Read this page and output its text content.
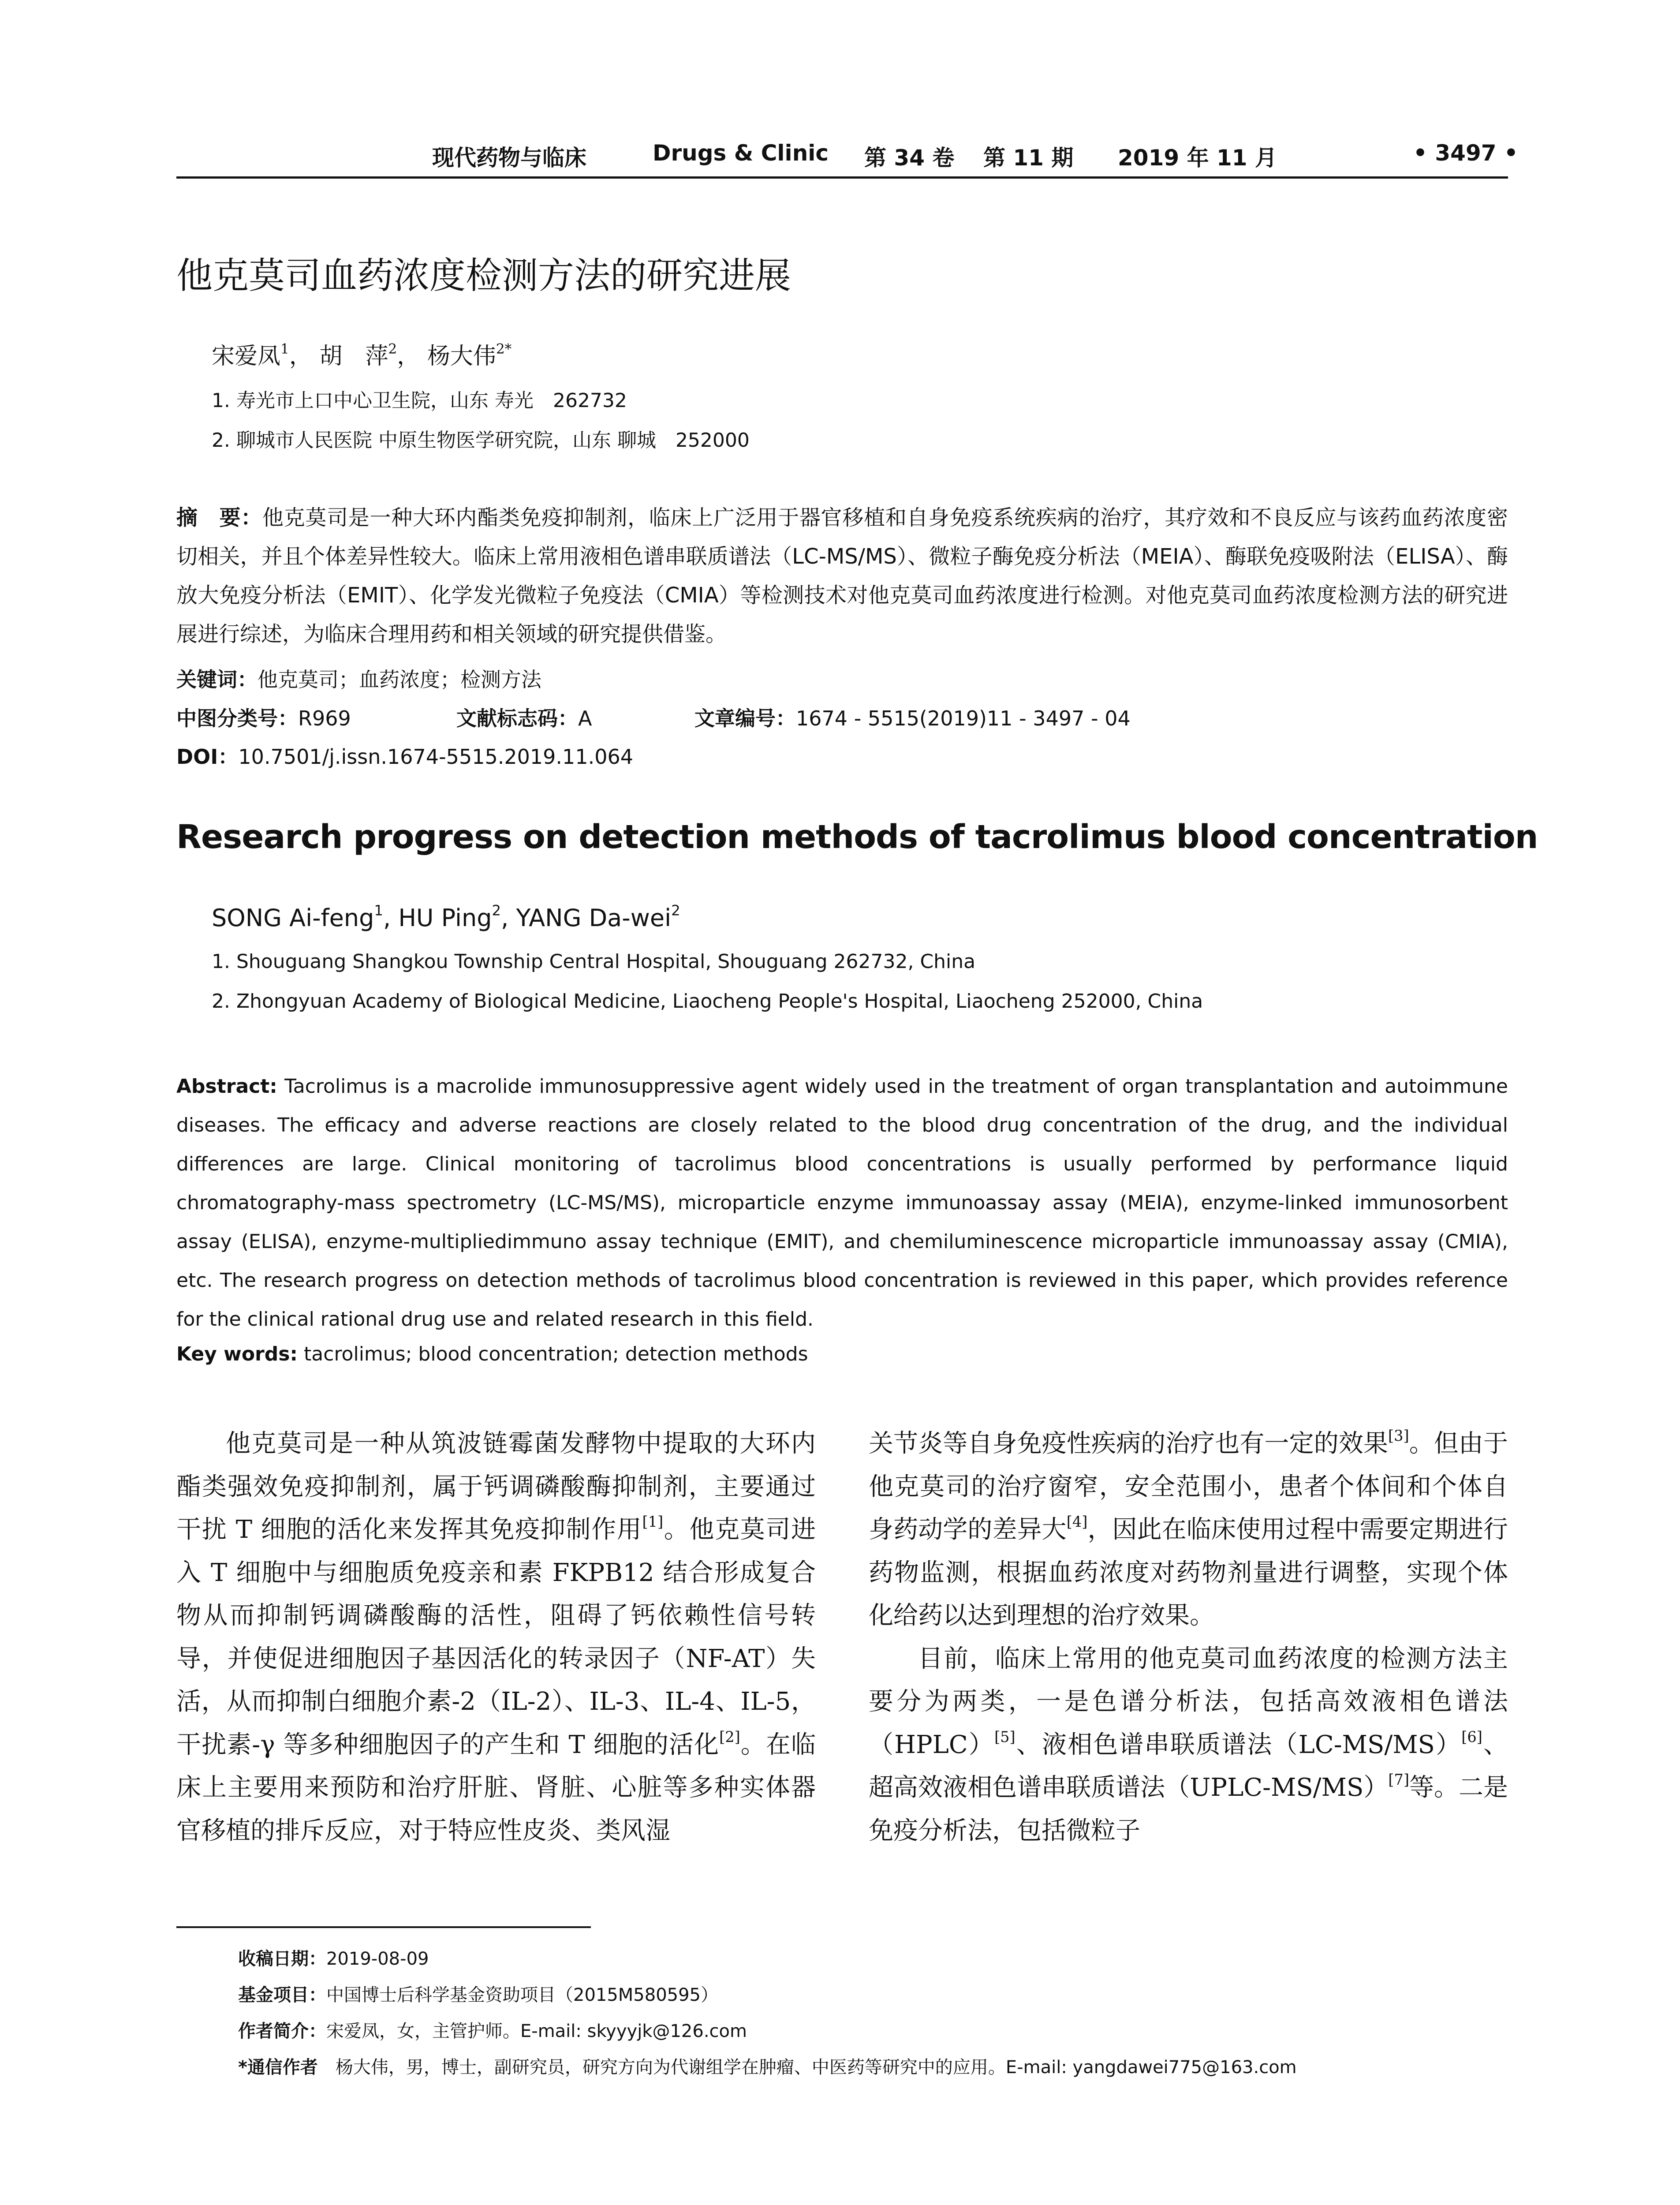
现代药物与临床	Drugs & Clinic 第 34 卷 第 11 期 2019 年 11 月	• 3497 •
他克莫司血药浓度检测方法的研究进展
宋爱凤$^1$， 胡　萍$^2$， 杨大伟$^{2*}$
1. 寿光市上口中心卫生院，山东 寿光　262732
2. 聊城市人民医院 中原生物医学研究院，山东 聊城　252000
摘　要：他克莫司是一种大环内酯类免疫抑制剂，临床上广泛用于器官移植和自身免疫系统疾病的治疗，其疗效和不良反应与该药血药浓度密切相关，并且个体差异性较大。临床上常用液相色谱串联质谱法（LC-MS/MS）、微粒子酶免疫分析法（MEIA）、酶联免疫吸附法（ELISA）、酶放大免疫分析法（EMIT）、化学发光微粒子免疫法（CMIA）等检测技术对他克莫司血药浓度进行检测。对他克莫司血药浓度检测方法的研究进展进行综述，为临床合理用药和相关领域的研究提供借鉴。
关键词：他克莫司；血药浓度；检测方法
中图分类号：R969	文献标志码：A	文章编号：1674 - 5515(2019)11 - 3497 - 04
DOI：10.7501/j.issn.1674-5515.2019.11.064
Research progress on detection methods of tacrolimus blood concentration
SONG Ai-feng$^1$, HU Ping$^2$, YANG Da-wei$^2$
1. Shouguang Shangkou Township Central Hospital, Shouguang 262732, China
2. Zhongyuan Academy of Biological Medicine, Liaocheng People's Hospital, Liaocheng 252000, China
Abstract: Tacrolimus is a macrolide immunosuppressive agent widely used in the treatment of organ transplantation and autoimmune diseases. The efficacy and adverse reactions are closely related to the blood drug concentration of the drug, and the individual differences are large. Clinical monitoring of tacrolimus blood concentrations is usually performed by performance liquid chromatography-mass spectrometry (LC-MS/MS), microparticle enzyme immunoassay assay (MEIA), enzyme-linked immunosorbent assay (ELISA), enzyme-multipliedimmuno assay technique (EMIT), and chemiluminescence microparticle immunoassay assay (CMIA), etc. The research progress on detection methods of tacrolimus blood concentration is reviewed in this paper, which provides reference for the clinical rational drug use and related research in this field.
Key words: tacrolimus; blood concentration; detection methods

他克莫司是一种从筑波链霉菌发酵物中提取的大环内酯类强效免疫抑制剂，属于钙调磷酸酶抑制剂，主要通过干扰 T 细胞的活化来发挥其免疫抑制作用[1]。他克莫司进入 T 细胞中与细胞质免疫亲和素 FKPB12 结合形成复合物从而抑制钙调磷酸酶的活性，阻碍了钙依赖性信号转导，并使促进细胞因子基因活化的转录因子（NF-AT）失活，从而抑制白细胞介素-2（IL-2）、IL-3、IL-4、IL-5，干扰素-γ 等多种细胞因子的产生和 T 细胞的活化[2]。在临床上主要用来预防和治疗肝脏、肾脏、心脏等多种实体器官移植的排斥反应，对于特应性皮炎、类风湿

关节炎等自身免疫性疾病的治疗也有一定的效果[3]。但由于他克莫司的治疗窗窄，安全范围小，患者个体间和个体自身药动学的差异大[4]，因此在临床使用过程中需要定期进行药物监测，根据血药浓度对药物剂量进行调整，实现个体化给药以达到理想的治疗效果。

目前，临床上常用的他克莫司血药浓度的检测方法主要分为两类，一是色谱分析法，包括高效液相色谱法（HPLC）[5]、液相色谱串联质谱法（LC-MS/MS）[6]、超高效液相色谱串联质谱法（UPLC-MS/MS）[7]等。二是免疫分析法，包括微粒子

收稿日期：2019-08-09
基金项目：中国博士后科学基金资助项目（2015M580595）
作者简介：宋爱凤，女，主管护师。E-mail: skyyyjk@126.com
*通信作者　 杨大伟，男，博士，副研究员，研究方向为代谢组学在肿瘤、中医药等研究中的应用。E-mail: yangdawei775@163.com
